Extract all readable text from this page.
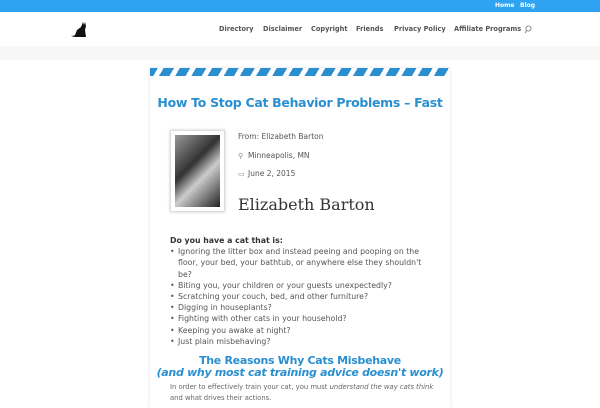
Home Blog
Directory Disclaimer Copyright Friends Privacy Policy Affiliate Programs
How To Stop Cat Behavior Problems – Fast
From: Elizabeth Barton
⚲ Minneapolis, MN
▭ June 2, 2015
Elizabeth Barton
Do you have a cat that is:
• Ignoring the litter box and instead peeing and pooping on the floor, your bed, your bathtub, or anywhere else they shouldn't be?
• Biting you, your children or your guests unexpectedly?
• Scratching your couch, bed, and other furniture?
• Digging in houseplants?
• Fighting with other cats in your household?
• Keeping you awake at night?
• Just plain misbehaving?
The Reasons Why Cats Misbehave
(and why most cat training advice doesn't work)

In order to effectively train your cat, you must understand the way cats think and what drives their actions.
